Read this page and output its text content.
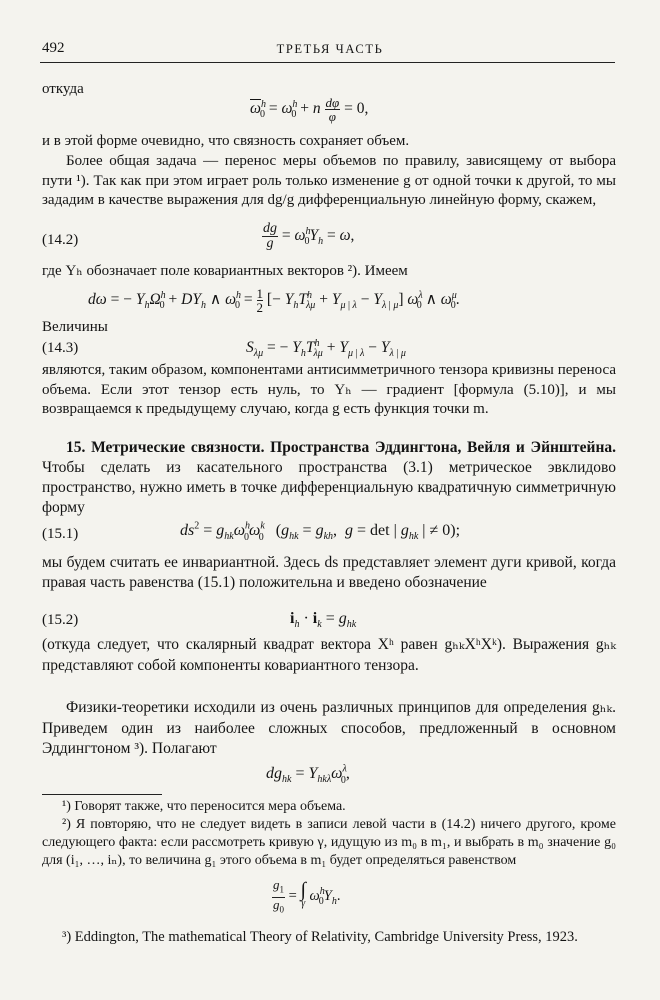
492	ТРЕТЬЯ ЧАСТЬ
откуда
$\overline{\omega}^h_0 = \omega^h_0 + n \frac{d\varphi}{\varphi} = 0$,
и в этой форме очевидно, что связность сохраняет объем.
Более общая задача — перенос меры объемов по правилу, зависящему от выбора пути ¹). Так как при этом играет роль только изменение g от одной точки к другой, то мы зададим в качестве выражения для dg/g дифференциальную линейную форму, скажем,
(14.2)	$\frac{dg}{g} = \omega^h_0Y_h = \omega$,
где Yₕ обозначает поле ковариантных векторов ²). Имеем
dω = − $Y_h\Omega^h_0 + DY_h$ ∧ $\omega^h_0 = \frac{1}{2}$ [− $Y_hT^h_{\lambda\mu} + Y_{\mu | \lambda} - Y_{\lambda | \mu}$] $\omega^\lambda_0$ ∧ $\omega^\mu_0$.
Величины
(14.3)	$S_{\lambda\mu}$ = − $Y_hT^h_{\lambda\mu} + Y_{\mu | \lambda} - Y_{\lambda | \mu}$
являются, таким образом, компонентами антисимметричного тензора кривизны переноса объема. Если этот тензор есть нуль, то Yₕ — градиент [формула (5.10)], и мы возвращаемся к предыдущему случаю, когда g есть функция точки m.
15. Метрические связности. Пространства Эддингтона, Вейля и Эйнштейна. Чтобы сделать из касательного пространства (3.1) метрическое эвклидово пространство, нужно иметь в точке дифференциальную квадратичную симметричную форму
(15.1)	$ds^2 = g_{hk}\omega^h_0\omega^k_0$   ($g_{hk} = g_{kh}$,  g = det | $g_{hk}$ | ≠ 0);
мы будем считать ее инвариантной. Здесь ds представляет элемент дуги кривой, когда правая часть равенства (15.1) положительна и введено обозначение
(15.2)	$i_h \cdot i_k = g_{hk}$
(откуда следует, что скалярный квадрат вектора Xʰ равен gₕₖXʰXᵏ). Выражения gₕₖ представляют собой компоненты ковариантного тензора.
Физики-теоретики исходили из очень различных принципов для определения gₕₖ. Приведем один из наиболее сложных способов, предложенный в основном Эддингтоном ³). Полагают
$dg_{hk} = Y_{hk\lambda}\omega^\lambda_0$,
¹) Говорят также, что переносится мера объема.
²) Я повторяю, что не следует видеть в записи левой части в (14.2) ничего другого, кроме следующего факта: если рассмотреть кривую γ, идущую из m₀ в m₁, и выбрать в m₀ значение g₀ для (i₁, …, iₙ), то величина g₁ этого объема в m₁ будет определяться равенством
$\frac{g_1}{g_0}$ = ∫
γ $\omega^h_0Y_h$.
³) Eddington, The mathematical Theory of Relativity, Cambridge University Press, 1923.
